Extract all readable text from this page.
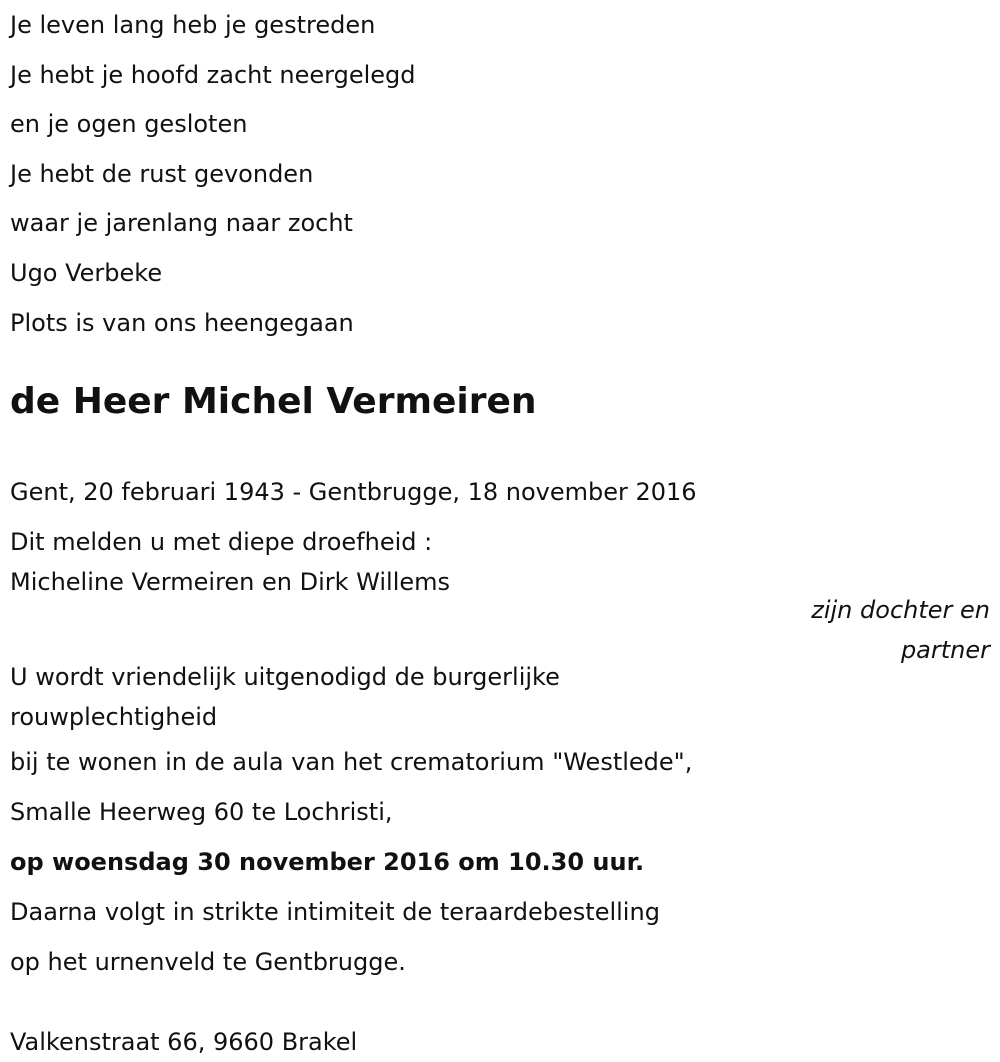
Je leven lang heb je gestreden
Je hebt je hoofd zacht neergelegd
en je ogen gesloten
Je hebt de rust gevonden
waar je jarenlang naar zocht
Ugo Verbeke
Plots is van ons heengegaan
de Heer Michel Vermeiren
Gent, 20 februari 1943 - Gentbrugge, 18 november 2016
Dit melden u met diepe droefheid :
Micheline Vermeiren en Dirk Willems
U wordt vriendelijk uitgenodigd de burgerlijke rouwplechtigheid
bij te wonen in de aula van het crematorium "Westlede",
Smalle Heerweg 60 te Lochristi,
op woensdag 30 november 2016 om 10.30 uur.
Daarna volgt in strikte intimiteit de teraardebestelling
op het urnenveld te Gentbrugge.
Valkenstraat 66, 9660 Brakel
zijn dochter en partner
